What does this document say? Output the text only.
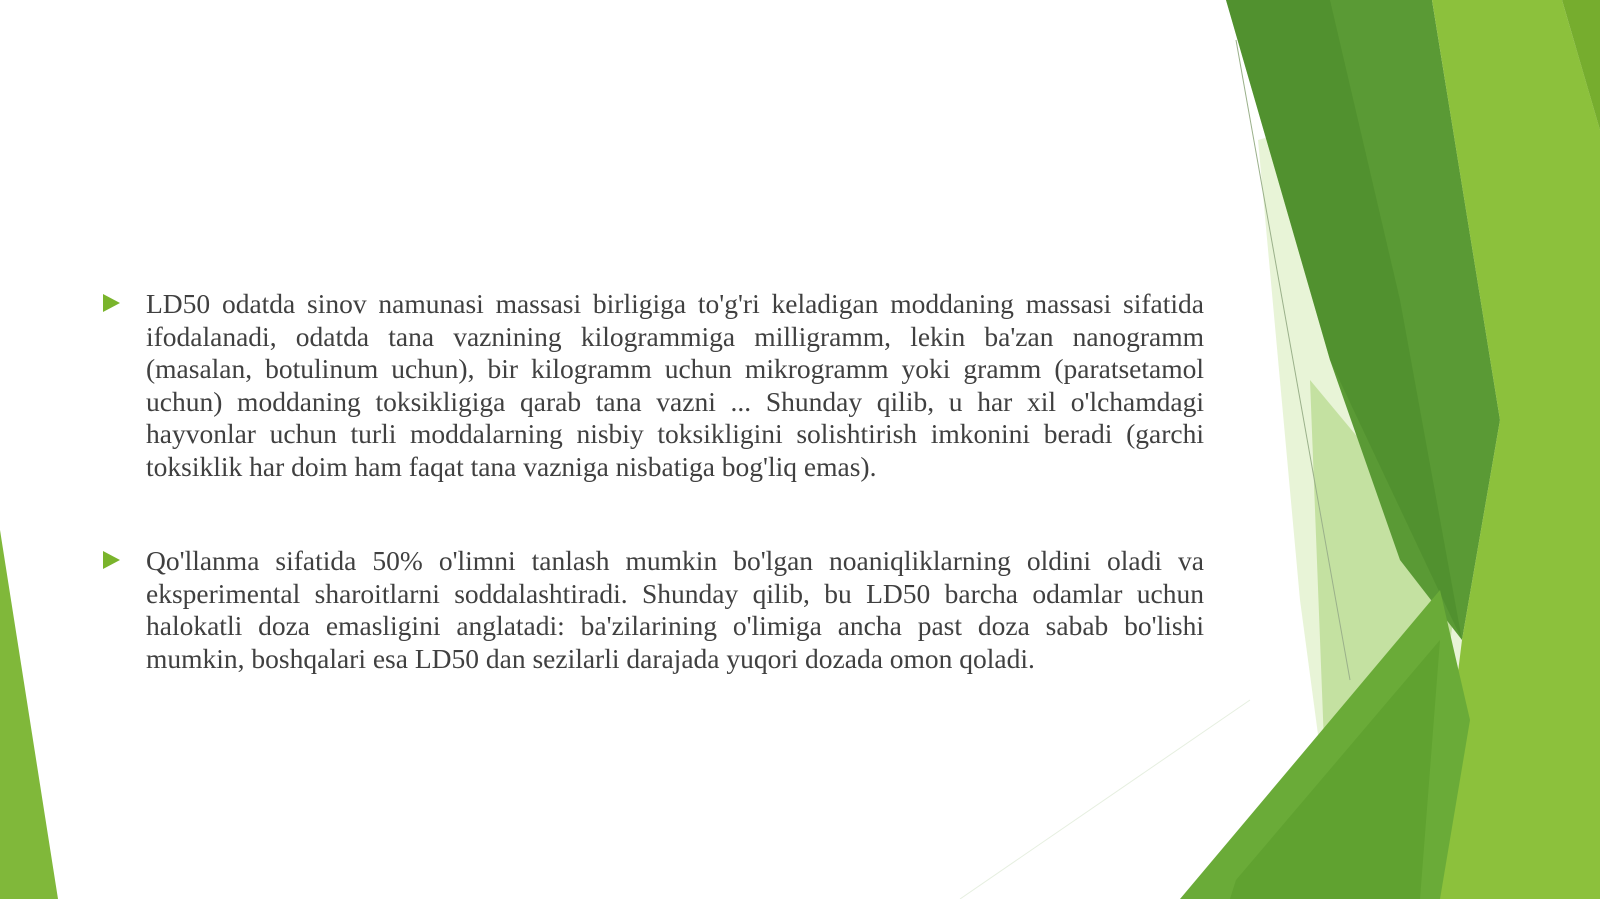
LD50 odatda sinov namunasi massasi birligiga to'g'ri keladigan moddaning massasi sifatida ifodalanadi, odatda tana vaznining kilogrammiga milligramm, lekin ba'zan nanogramm (masalan, botulinum uchun), bir kilogramm uchun mikrogramm yoki gramm (paratsetamol uchun) moddaning toksikligiga qarab tana vazni ... Shunday qilib, u har xil o'lchamdagi hayvonlar uchun turli moddalarning nisbiy toksikligini solishtirish imkonini beradi (garchi toksiklik har doim ham faqat tana vazniga nisbatiga bog'liq emas).
Qo'llanma sifatida 50% o'limni tanlash mumkin bo'lgan noaniqliklarning oldini oladi va eksperimental sharoitlarni soddalashtiradi. Shunday qilib, bu LD50 barcha odamlar uchun halokatli doza emasligini anglatadi: ba'zilarining o'limiga ancha past doza sabab bo'lishi mumkin, boshqalari esa LD50 dan sezilarli darajada yuqori dozada omon qoladi.
